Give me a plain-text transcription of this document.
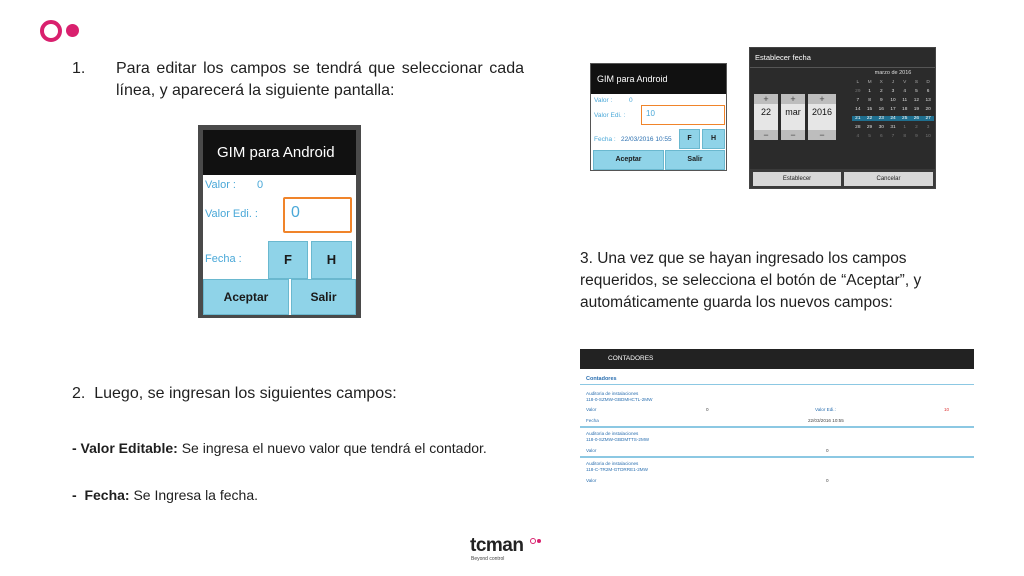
1. Para editar los campos se tendrá que seleccionar cada línea, y aparecerá la siguiente pantalla:
GIM para Android
Valor : 0
Valor Edi. :	0
Fecha :	F	H
Aceptar	Salir
2.  Luego, se ingresan los siguientes campos:
- Valor Editable: Se ingresa el nuevo valor que tendrá el contador.
-  Fecha: Se Ingresa la fecha.
GIM para Android
Valor :	0
Valor Edi. :	10
Fecha : 22/03/2016 10:55	F	H
Aceptar	Salir
Establecer fecha
+
22
−
+
mar
−
+
2016
−
Establecer	Cancelar
marzo de 2016
L	M	X	J	V	S	D
29	1	2	3	4	5	6
7	8	9	10	11	12	13
14	15	16	17	18	19	20
21	22	23	24	25	26	27
28	29	30	31	1	2	3
4	5	6	7	8	9	10
3. Una vez que se hayan ingresado los campos requeridos, se selecciona el botón de “Aceptar”, y automáticamente guarda los nuevos campos:
CONTADORES
Contadores
Auditoria de instalaciones
118-0-SZMW-GBDMHCTL-2MW
Valor	0	Valor Edi.:	10
Fecha	22/03/2016 10:55
Auditoria de instalaciones
118-0-SZMW-GBDMTTS-2MW
Valor	0
Auditoria de instalaciones
118-C-TR2M-GTDRRE1-2MW
Valor	0
tcman
Beyond control
